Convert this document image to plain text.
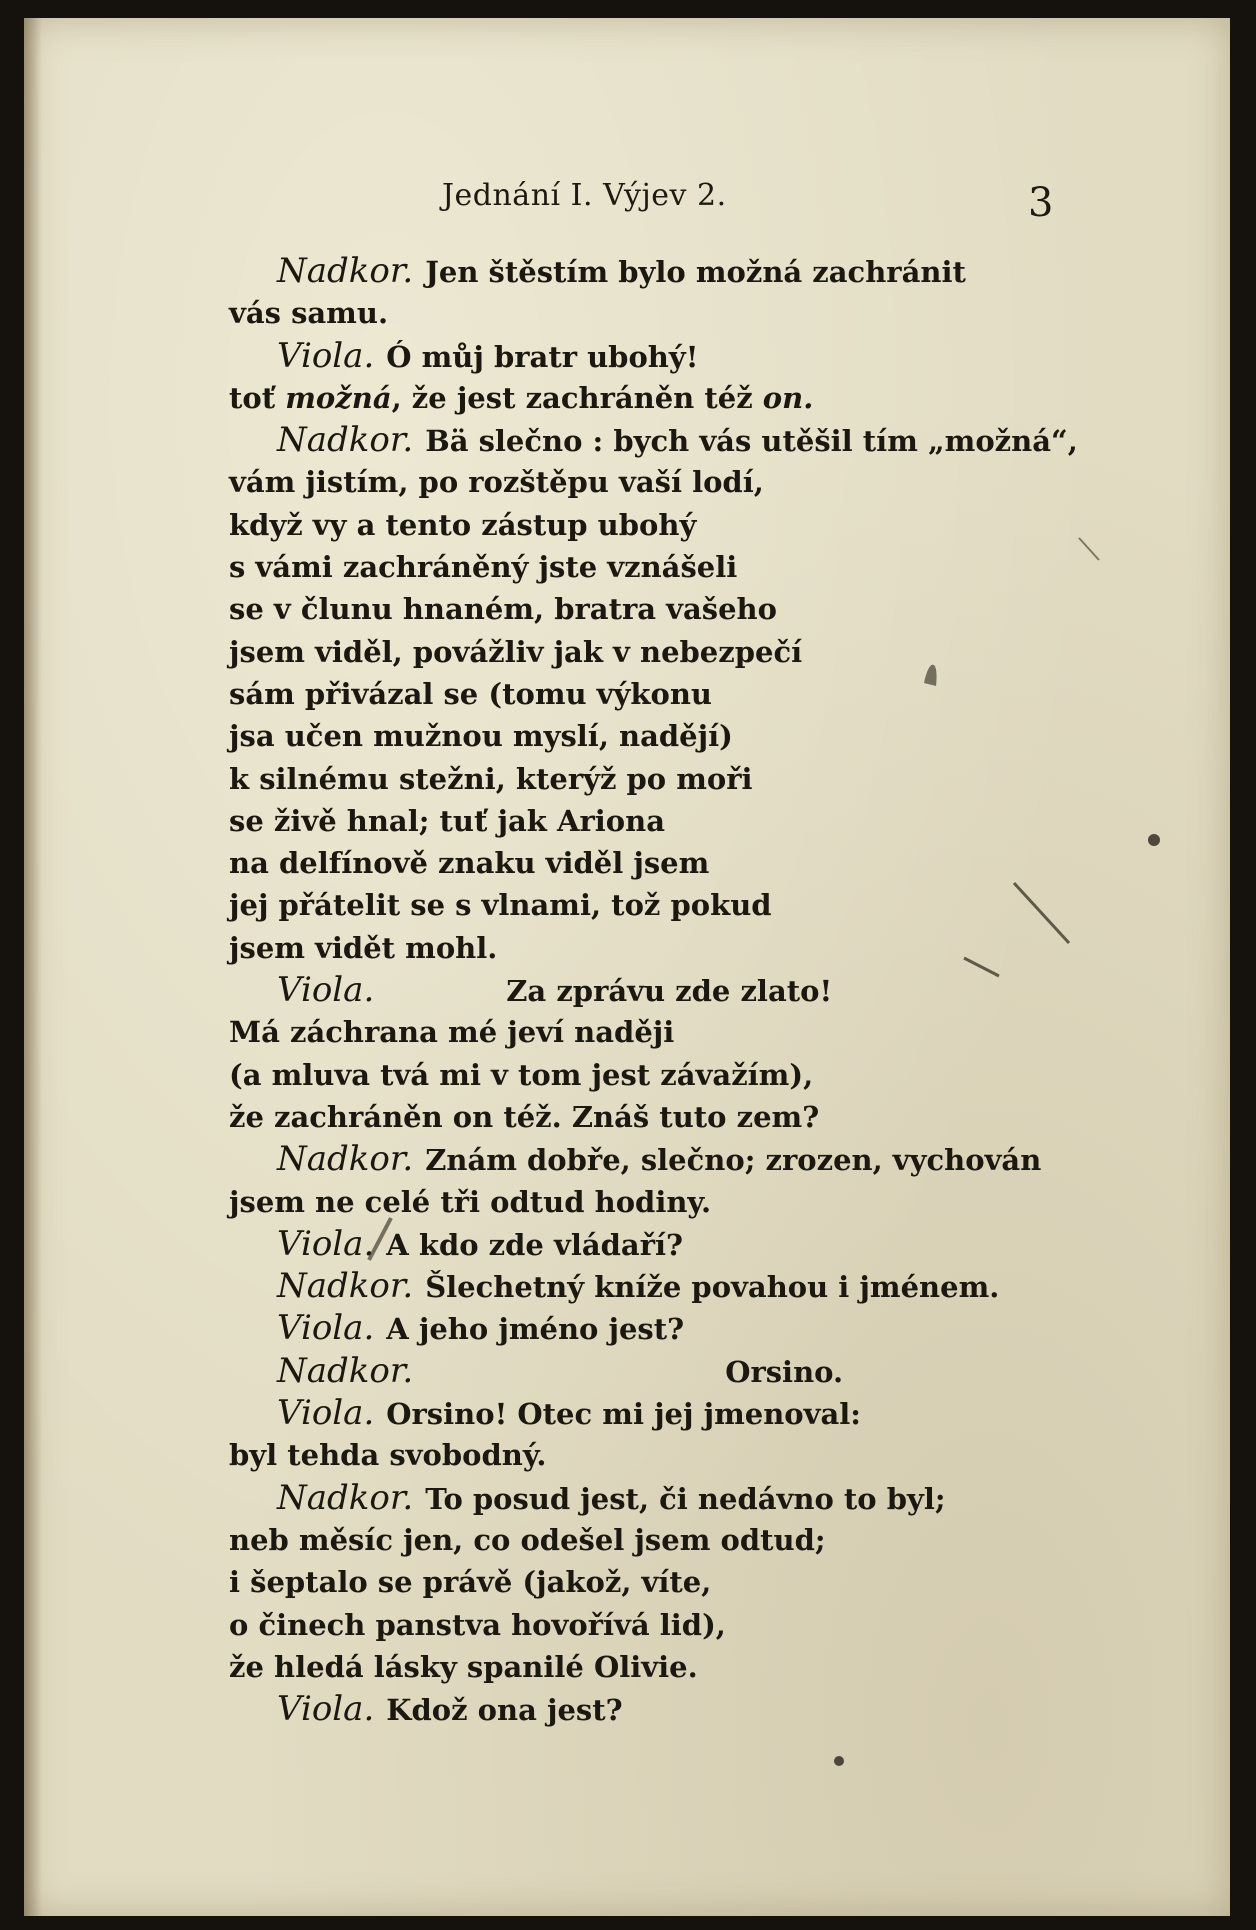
Jednání I. Výjev 2.	3
Nadkor. Jen štěstím bylo možná zachránit
vás samu.
Viola. Ó můj bratr ubohý!
toť možná, že jest zachráněn též on.
Nadkor. Bä slečno : bych vás utěšil tím „možná“,
vám jistím, po rozštěpu vaší lodí,
když vy a tento zástup ubohý
s vámi zachráněný jste vznášeli
se v člunu hnaném, bratra vašeho
jsem viděl, povážliv jak v nebezpečí
sám přivázal se (tomu výkonu
jsa učen mužnou myslí, nadějí)
k silnému stežni, kterýž po moři
se živě hnal; tuť jak Ariona
na delfínově znaku viděl jsem
jej přátelit se s vlnami, tož pokud
jsem vidět mohl.
Viola.	Za zprávu zde zlato!
Má záchrana mé jeví naději
(a mluva tvá mi v tom jest závažím),
že zachráněn on též. Znáš tuto zem?
Nadkor. Znám dobře, slečno; zrozen, vychován
jsem ne celé tři odtud hodiny.
Viola. A kdo zde vládaří?
Nadkor. Šlechetný kníže povahou i jménem.
Viola. A jeho jméno jest?
Nadkor.	Orsino.
Viola. Orsino! Otec mi jej jmenoval:
byl tehda svobodný.
Nadkor. To posud jest, či nedávno to byl;
neb měsíc jen, co odešel jsem odtud;
i šeptalo se právě (jakož, víte,
o činech panstva hovořívá lid),
že hledá lásky spanilé Olivie.
Viola. Kdož ona jest?
